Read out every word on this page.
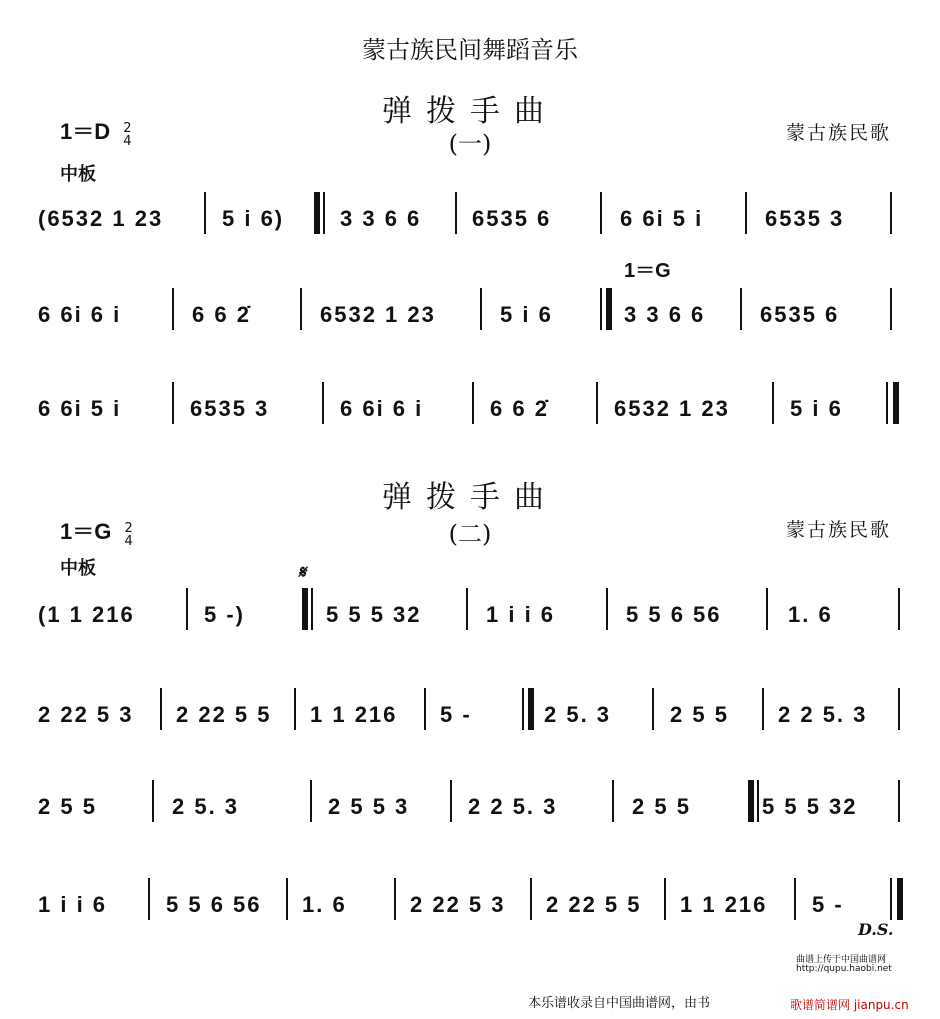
蒙古族民间舞蹈音乐
弹拨手曲
(一)	蒙古族民歌
1＝D 2
4
中板
(6532 1 23	5 i 6)	3 3 6 6 6535 6	6 6i 5 i	6535 3
1＝G
6 6i 6 i	6 6 2̇	6532 1 23	5 i 6	3 3 6 6 6535 6
6 6i 5 i	6535 3	6 6i 6 i	6 6 2̇	6532 1 23	5 i 6
弹拨手曲
(二)	蒙古族民歌
1＝G 2
4
中板	𝄋
(1 1 216	5 -)	5 5 5 32	1 i i 6	5 5 6 56	1. 6
2 22 5 3 2 22 5 5 1 1 216 5 -	2 5. 3	2 5 5 2 2 5. 3
2 5 5	2 5. 3	2 5 5 3	2 2 5. 3	2 5 5	5 5 5 32
1 i i 6	5 5 6 56 1. 6	2 22 5 3 2 22 5 5 1 1 216 5 -
D.S.
曲谱上传于中国曲谱网
http://qupu.haobi.net
本乐谱收录自中国曲谱网，由书	歌谱简谱网 jianpu.cn
